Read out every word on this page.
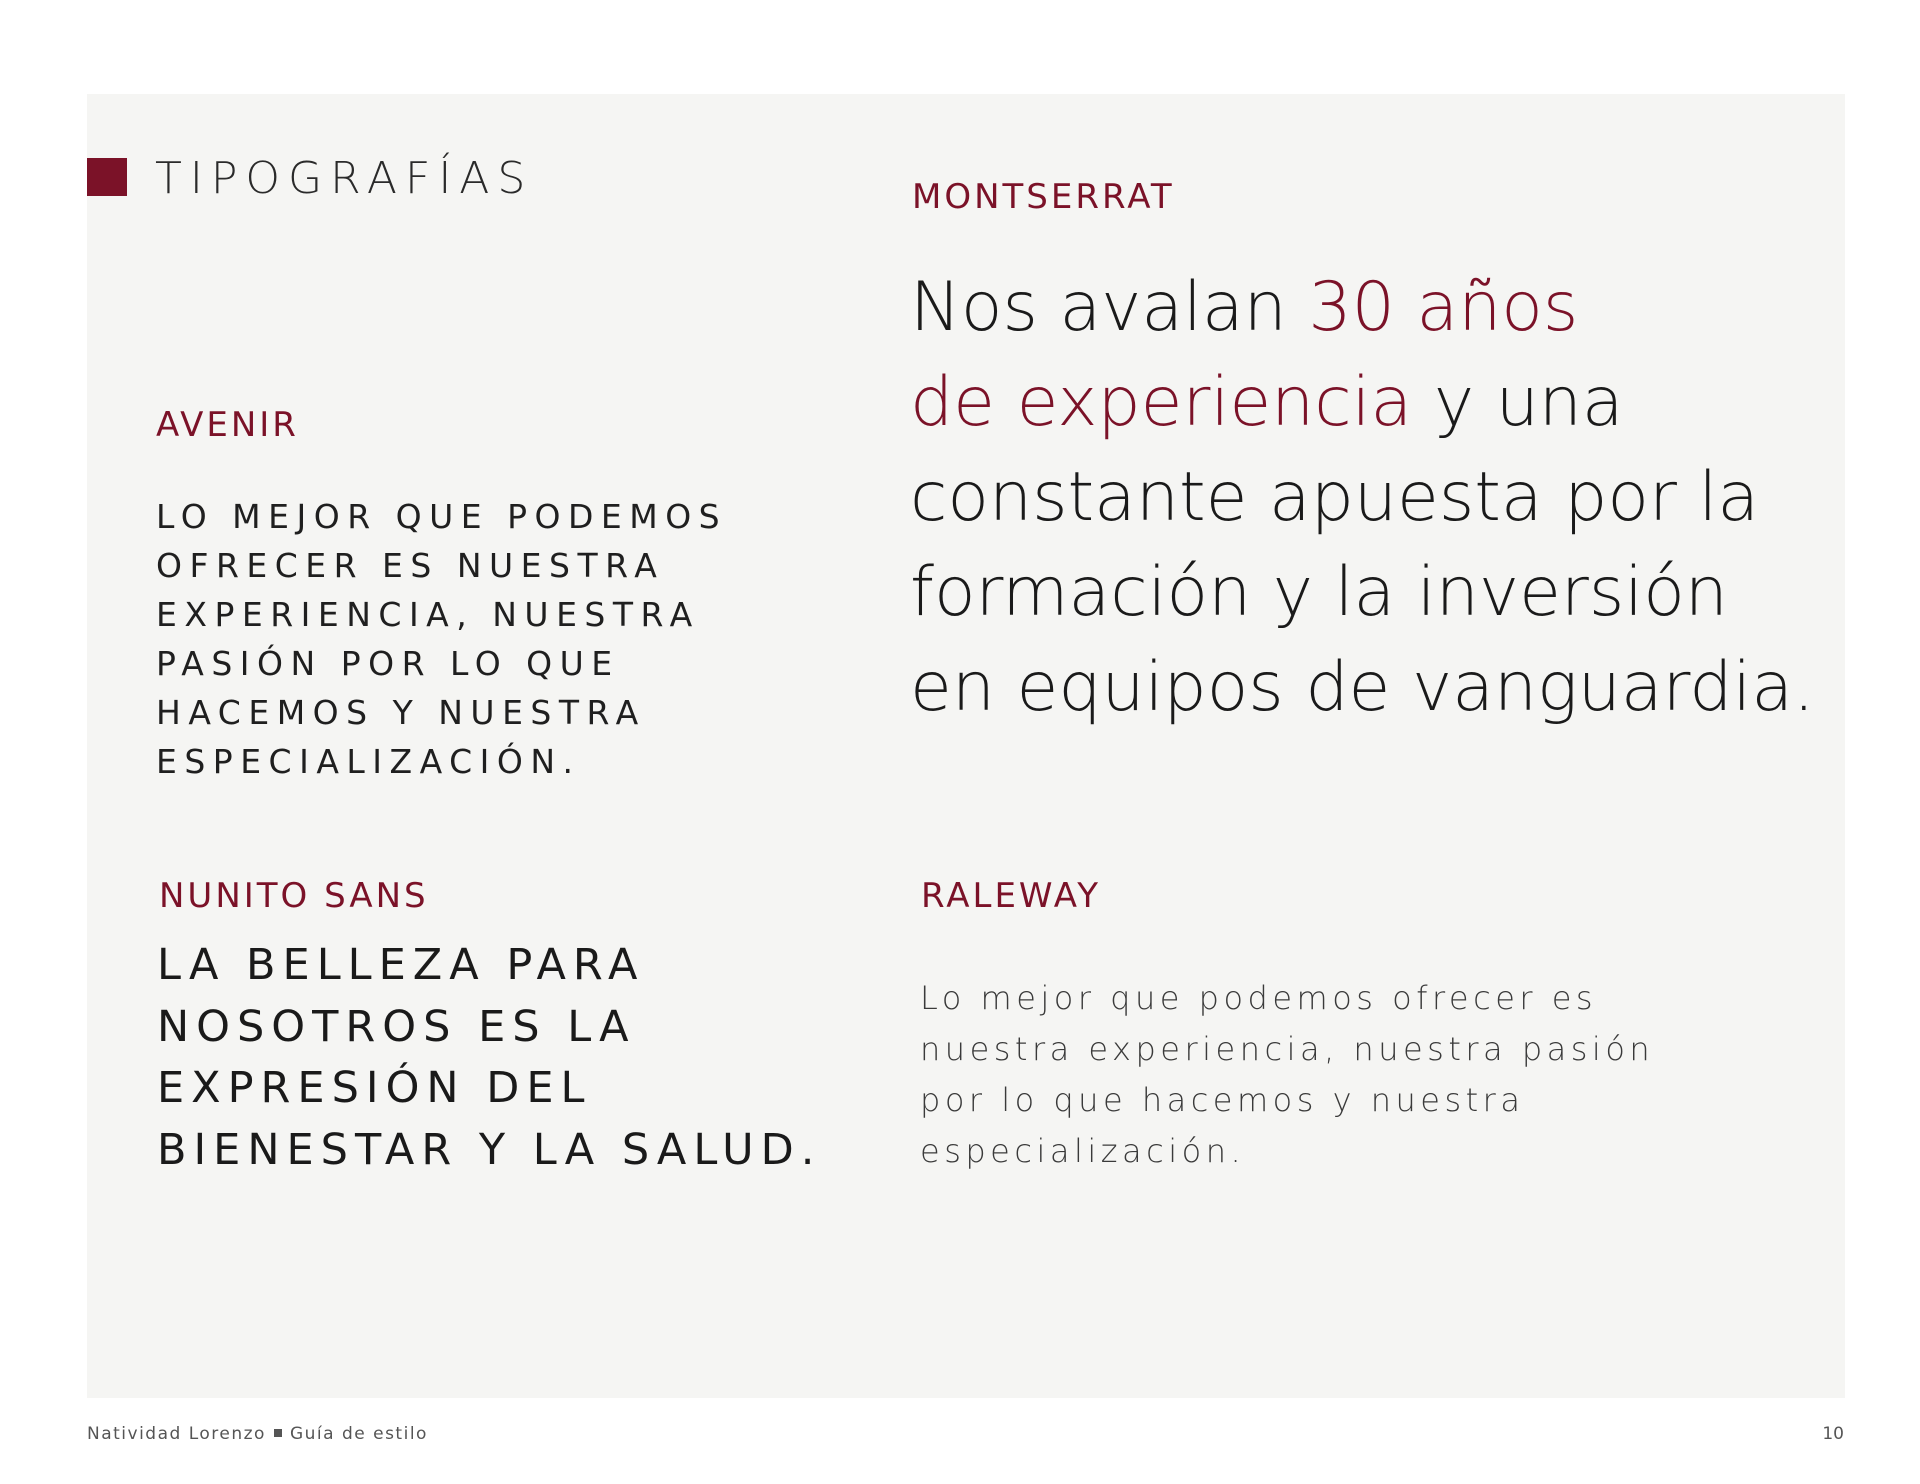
TIPOGRAFÍAS	MONTSERRAT
Nos avalan 30 años
de experiencia y una
constante apuesta por la
formación y la inversión
en equipos de vanguardia.
AVENIR
LO MEJOR QUE PODEMOS
OFRECER ES NUESTRA
EXPERIENCIA, NUESTRA
PASIÓN POR LO QUE
HACEMOS Y NUESTRA
ESPECIALIZACIÓN.
NUNITO SANS
LA BELLEZA PARA
NOSOTROS ES LA
EXPRESIÓN DEL
BIENESTAR Y LA SALUD.
RALEWAY
Lo mejor que podemos ofrecer es
nuestra experiencia, nuestra pasión
por lo que hacemos y nuestra
especialización.
Natividad Lorenzo Guía de estilo	10
